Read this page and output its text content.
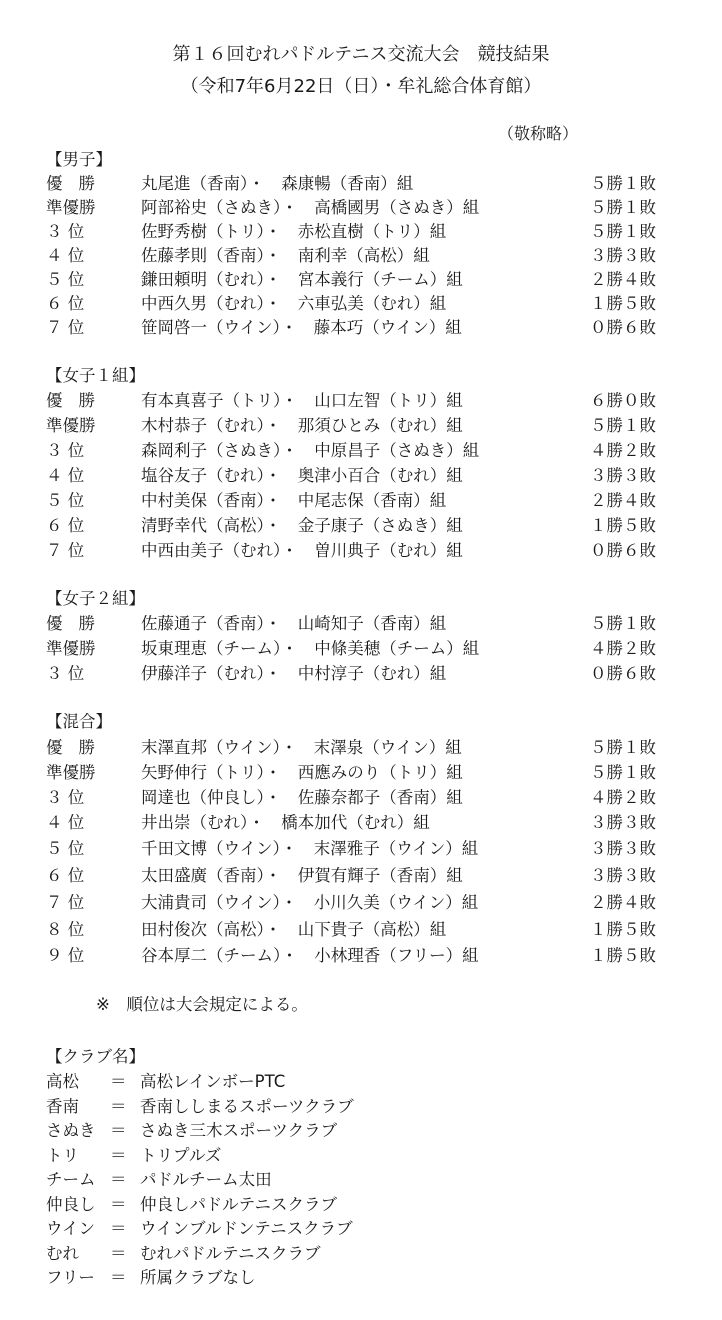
第１６回むれパドルテニス交流大会　競技結果
（令和7年6月22日（日）・牟礼総合体育館）
（敬称略）
【男子】
優勝 丸尾進（香南）・　森康暢（香南）組	５勝１敗
準優勝	阿部裕史（さぬき）・　高橋國男（さぬき）組	５勝１敗
３ 位	佐野秀樹（トリ）・　赤松直樹（トリ）組	５勝１敗
４ 位	佐藤孝則（香南）・　南利幸（高松）組	３勝３敗
５ 位	鎌田頼明（むれ）・　宮本義行（チーム）組	２勝４敗
６ 位	中西久男（むれ）・　六車弘美（むれ）組	１勝５敗
７ 位	笹岡啓一（ウイン）・　藤本巧（ウイン）組	０勝６敗
【女子１組】
優勝 有本真喜子（トリ）・　山口左智（トリ）組	６勝０敗
準優勝	木村恭子（むれ）・　那須ひとみ（むれ）組	５勝１敗
３ 位	森岡利子（さぬき）・　中原昌子（さぬき）組	４勝２敗
４ 位	塩谷友子（むれ）・　奥津小百合（むれ）組	３勝３敗
５ 位	中村美保（香南）・　中尾志保（香南）組	２勝４敗
６ 位	清野幸代（高松）・　金子康子（さぬき）組	１勝５敗
７ 位	中西由美子（むれ）・　曽川典子（むれ）組	０勝６敗
【女子２組】
優勝 佐藤通子（香南）・　山崎知子（香南）組	５勝１敗
準優勝	坂東理恵（チーム）・　中條美穂（チーム）組	４勝２敗
３ 位	伊藤洋子（むれ）・　中村淳子（むれ）組	０勝６敗
【混合】
優勝 末澤直邦（ウイン）・　末澤泉（ウイン）組	５勝１敗
準優勝	矢野伸行（トリ）・　西應みのり（トリ）組	５勝１敗
３ 位	岡達也（仲良し）・　佐藤奈都子（香南）組	４勝２敗
４ 位	井出崇（むれ）・　橋本加代（むれ）組	３勝３敗
５ 位	千田文博（ウイン）・　末澤雅子（ウイン）組	３勝３敗
６ 位	太田盛廣（香南）・　伊賀有輝子（香南）組	３勝３敗
７ 位	大浦貴司（ウイン）・　小川久美（ウイン）組	２勝４敗
８ 位	田村俊次（高松）・　山下貴子（高松）組	１勝５敗
９ 位	谷本厚二（チーム）・　小林理香（フリー）組	１勝５敗
※　順位は大会規定による。
【クラブ名】
高松	＝ 高松レインボーPTC
香南	＝ 香南ししまるスポーツクラブ
さぬき ＝ さぬき三木スポーツクラブ
トリ	＝ トリプルズ
チーム ＝ パドルチーム太田
仲良し ＝ 仲良しパドルテニスクラブ
ウイン ＝ ウインブルドンテニスクラブ
むれ	＝ むれパドルテニスクラブ
フリー ＝ 所属クラブなし
